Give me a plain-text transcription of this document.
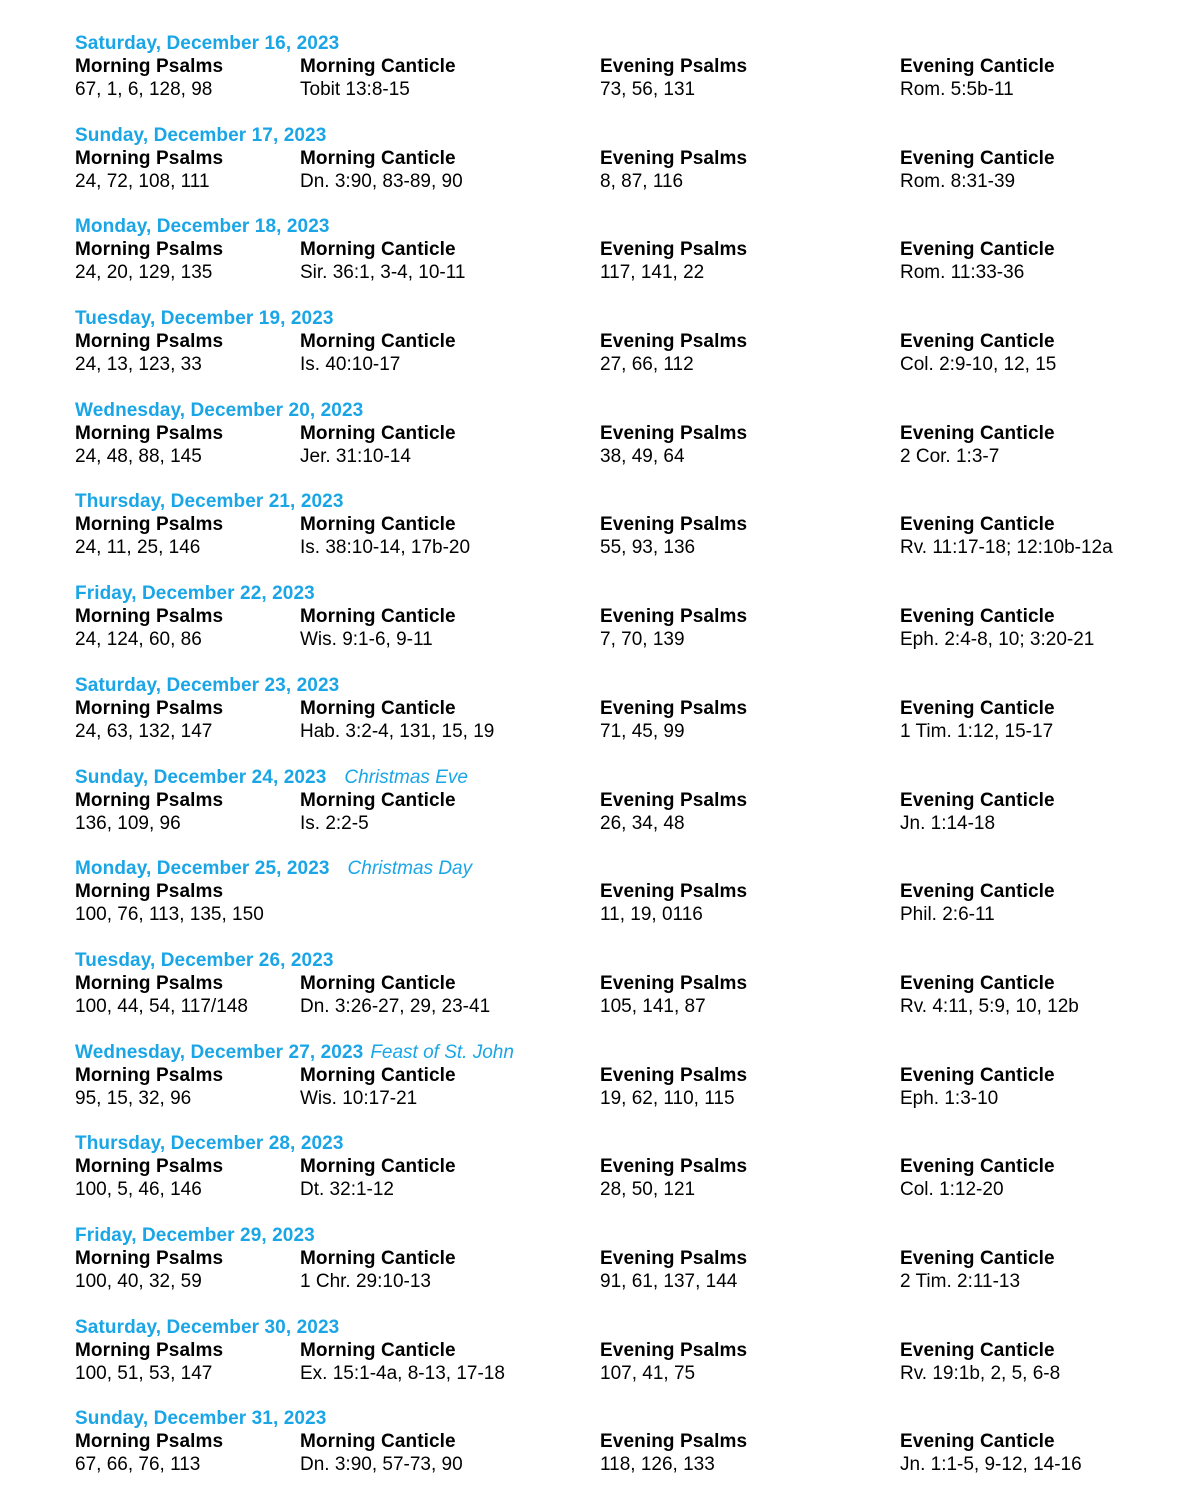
Saturday, December 16, 2023
Morning Psalms
67, 1, 6, 128, 98
Morning Canticle
Tobit 13:8-15
Evening Psalms
73, 56, 131
Evening Canticle
Rom. 5:5b-11
Sunday, December 17, 2023
Morning Psalms
24, 72, 108, 111
Morning Canticle
Dn. 3:90, 83-89, 90
Evening Psalms
8, 87, 116
Evening Canticle
Rom. 8:31-39
Monday, December 18, 2023
Morning Psalms
24, 20, 129, 135
Morning Canticle
Sir. 36:1, 3-4, 10-11
Evening Psalms
117, 141, 22
Evening Canticle
Rom. 11:33-36
Tuesday, December 19, 2023
Morning Psalms
24, 13, 123, 33
Morning Canticle
Is. 40:10-17
Evening Psalms
27, 66, 112
Evening Canticle
Col. 2:9-10, 12, 15
Wednesday, December 20, 2023
Morning Psalms
24, 48, 88, 145
Morning Canticle
Jer. 31:10-14
Evening Psalms
38, 49, 64
Evening Canticle
2 Cor. 1:3-7
Thursday, December 21, 2023
Morning Psalms
24, 11, 25, 146
Morning Canticle
Is. 38:10-14, 17b-20
Evening Psalms
55, 93, 136
Evening Canticle
Rv. 11:17-18; 12:10b-12a
Friday, December 22, 2023
Morning Psalms
24, 124, 60, 86
Morning Canticle
Wis. 9:1-6, 9-11
Evening Psalms
7, 70, 139
Evening Canticle
Eph. 2:4-8, 10; 3:20-21
Saturday, December 23, 2023
Morning Psalms
24, 63, 132, 147
Morning Canticle
Hab. 3:2-4, 131, 15, 19
Evening Psalms
71, 45, 99
Evening Canticle
1 Tim. 1:12, 15-17
Sunday, December 24, 2023 Christmas Eve
Morning Psalms
136, 109, 96
Morning Canticle
Is. 2:2-5
Evening Psalms
26, 34, 48
Evening Canticle
Jn. 1:14-18
Monday, December 25, 2023 Christmas Day
Morning Psalms
100, 76, 113, 135, 150
Evening Psalms
11, 19, 0116
Evening Canticle
Phil. 2:6-11
Tuesday, December 26, 2023
Morning Psalms
100, 44, 54, 117/148
Morning Canticle
Dn. 3:26-27, 29, 23-41
Evening Psalms
105, 141, 87
Evening Canticle
Rv. 4:11, 5:9, 10, 12b
Wednesday, December 27, 2023 Feast of St. John
Morning Psalms
95, 15, 32, 96
Morning Canticle
Wis. 10:17-21
Evening Psalms
19, 62, 110, 115
Evening Canticle
Eph. 1:3-10
Thursday, December 28, 2023
Morning Psalms
100, 5, 46, 146
Morning Canticle
Dt. 32:1-12
Evening Psalms
28, 50, 121
Evening Canticle
Col. 1:12-20
Friday, December 29, 2023
Morning Psalms
100, 40, 32, 59
Morning Canticle
1 Chr. 29:10-13
Evening Psalms
91, 61, 137, 144
Evening Canticle
2 Tim. 2:11-13
Saturday, December 30, 2023
Morning Psalms
100, 51, 53, 147
Morning Canticle
Ex. 15:1-4a, 8-13, 17-18
Evening Psalms
107, 41, 75
Evening Canticle
Rv. 19:1b, 2, 5, 6-8
Sunday, December 31, 2023
Morning Psalms
67, 66, 76, 113
Morning Canticle
Dn. 3:90, 57-73, 90
Evening Psalms
118, 126, 133
Evening Canticle
Jn. 1:1-5, 9-12, 14-16
